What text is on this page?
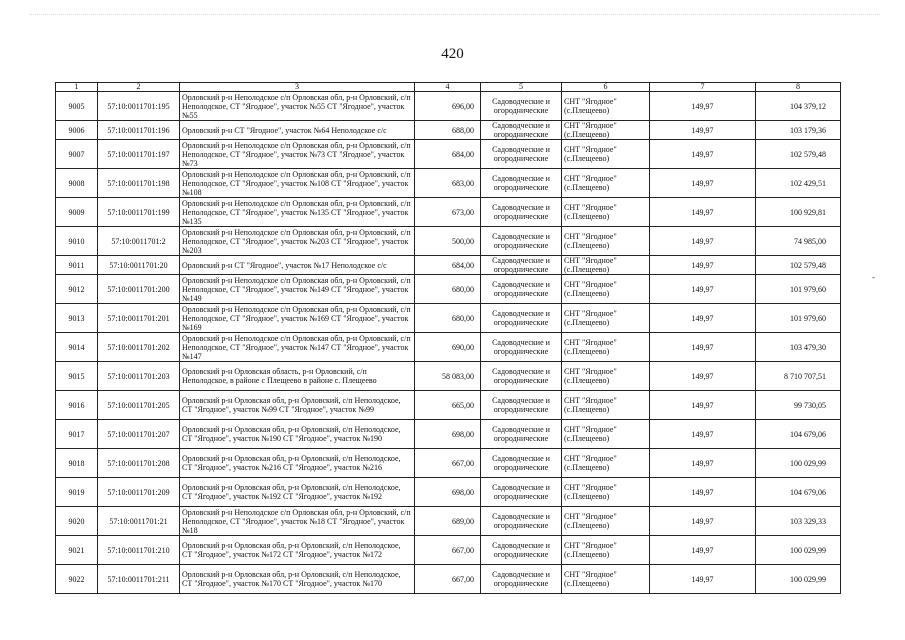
420
-
1	2	3	4	5	6	7	8
9005	57:10:0011701:195	Орловский р-н Неполодское с/п Орловская обл, р-н Орловский, с/п Неполодское, СТ "Ягодное", участок №55 СТ "Ягодное", участок №55	696,00	Садоводческие и огороднические	СНТ "Ягодное" (с.Плещеево)	149,97	104 379,12
9006	57:10:0011701:196	Орловский р-н СТ "Ягодное", участок №64 Неполодское с/с	688,00	Садоводческие и огороднические	СНТ "Ягодное" (с.Плещеево)	149,97	103 179,36
9007	57:10:0011701:197	Орловский р-н Неполодское с/п Орловская обл, р-н Орловский, с/п Неполодское, СТ "Ягодное", участок №73 СТ "Ягодное", участок №73	684,00	Садоводческие и огороднические	СНТ "Ягодное" (с.Плещеево)	149,97	102 579,48
9008	57:10:0011701:198	Орловский р-н Неполодское с/п Орловская обл, р-н Орловский, с/п Неполодское, СТ "Ягодное", участок №108 СТ "Ягодное", участок №108	683,00	Садоводческие и огороднические	СНТ "Ягодное" (с.Плещеево)	149,97	102 429,51
9009	57:10:0011701:199	Орловский р-н Неполодское с/п Орловская обл, р-н Орловский, с/п Неполодское, СТ "Ягодное", участок №135 СТ "Ягодное", участок №135	673,00	Садоводческие и огороднические	СНТ "Ягодное" (с.Плещеево)	149,97	100 929,81
9010	57:10:0011701:2	Орловский р-н Неполодское с/п Орловская обл, р-н Орловский, с/п Неполодское, СТ "Ягодное", участок №203 СТ "Ягодное", участок №203	500,00	Садоводческие и огороднические	СНТ "Ягодное" (с.Плещеево)	149,97	74 985,00
9011	57:10:0011701:20	Орловский р-н СТ "Ягодное", участок №17 Неполодское с/с	684,00	Садоводческие и огороднические	СНТ "Ягодное" (с.Плещеево)	149,97	102 579,48
9012	57:10:0011701:200	Орловский р-н Неполодское с/п Орловская обл, р-н Орловский, с/п Неполодское, СТ "Ягодное", участок №149 СТ "Ягодное", участок №149	680,00	Садоводческие и огороднические	СНТ "Ягодное" (с.Плещеево)	149,97	101 979,60
9013	57:10:0011701:201	Орловский р-н Неполодское с/п Орловская обл, р-н Орловский, с/п Неполодское, СТ "Ягодное", участок №169 СТ "Ягодное", участок №169	680,00	Садоводческие и огороднические	СНТ "Ягодное" (с.Плещеево)	149,97	101 979,60
9014	57:10:0011701:202	Орловский р-н Неполодское с/п Орловская обл, р-н Орловский, с/п Неполодское, СТ "Ягодное", участок №147 СТ "Ягодное", участок №147	690,00	Садоводческие и огороднические	СНТ "Ягодное" (с.Плещеево)	149,97	103 479,30
9015	57:10:0011701:203	Орловский р-н Орловская область, р-н Орловский, с/п Неполодское, в районе с Плещеево в районе с. Плещеево	58 083,00	Садоводческие и огороднические	СНТ "Ягодное" (с.Плещеево)	149,97	8 710 707,51
9016	57:10:0011701:205	Орловский р-н Орловская обл, р-н Орловский, с/п Неполодское, СТ "Ягодное", участок №99 СТ "Ягодное", участок №99	665,00	Садоводческие и огороднические	СНТ "Ягодное" (с.Плещеево)	149,97	99 730,05
9017	57:10:0011701:207	Орловский р-н Орловская обл, р-н Орловский, с/п Неполодское, СТ "Ягодное", участок №190 СТ "Ягодное", участок №190	698,00	Садоводческие и огороднические	СНТ "Ягодное" (с.Плещеево)	149,97	104 679,06
9018	57:10:0011701:208	Орловский р-н Орловская обл, р-н Орловский, с/п Неполодское, СТ "Ягодное", участок №216 СТ "Ягодное", участок №216	667,00	Садоводческие и огороднические	СНТ "Ягодное" (с.Плещеево)	149,97	100 029,99
9019	57:10:0011701:209	Орловский р-н Орловская обл, р-н Орловский, с/п Неполодское, СТ "Ягодное", участок №192 СТ "Ягодное", участок №192	698,00	Садоводческие и огороднические	СНТ "Ягодное" (с.Плещеево)	149,97	104 679,06
9020	57:10:0011701:21	Орловский р-н Неполодское с/п Орловская обл, р-н Орловский, с/п Неполодское, СТ "Ягодное", участок №18 СТ "Ягодное", участок №18	689,00	Садоводческие и огороднические	СНТ "Ягодное" (с.Плещеево)	149,97	103 329,33
9021	57:10:0011701:210	Орловский р-н Орловская обл, р-н Орловский, с/п Неполодское, СТ "Ягодное", участок №172 СТ "Ягодное", участок №172	667,00	Садоводческие и огороднические	СНТ "Ягодное" (с.Плещеево)	149,97	100 029,99
9022	57:10:0011701:211	Орловский р-н Орловская обл, р-н Орловский, с/п Неполодское, СТ "Ягодное", участок №170 СТ "Ягодное", участок №170	667,00	Садоводческие и огороднические	СНТ "Ягодное" (с.Плещеево)	149,97	100 029,99
